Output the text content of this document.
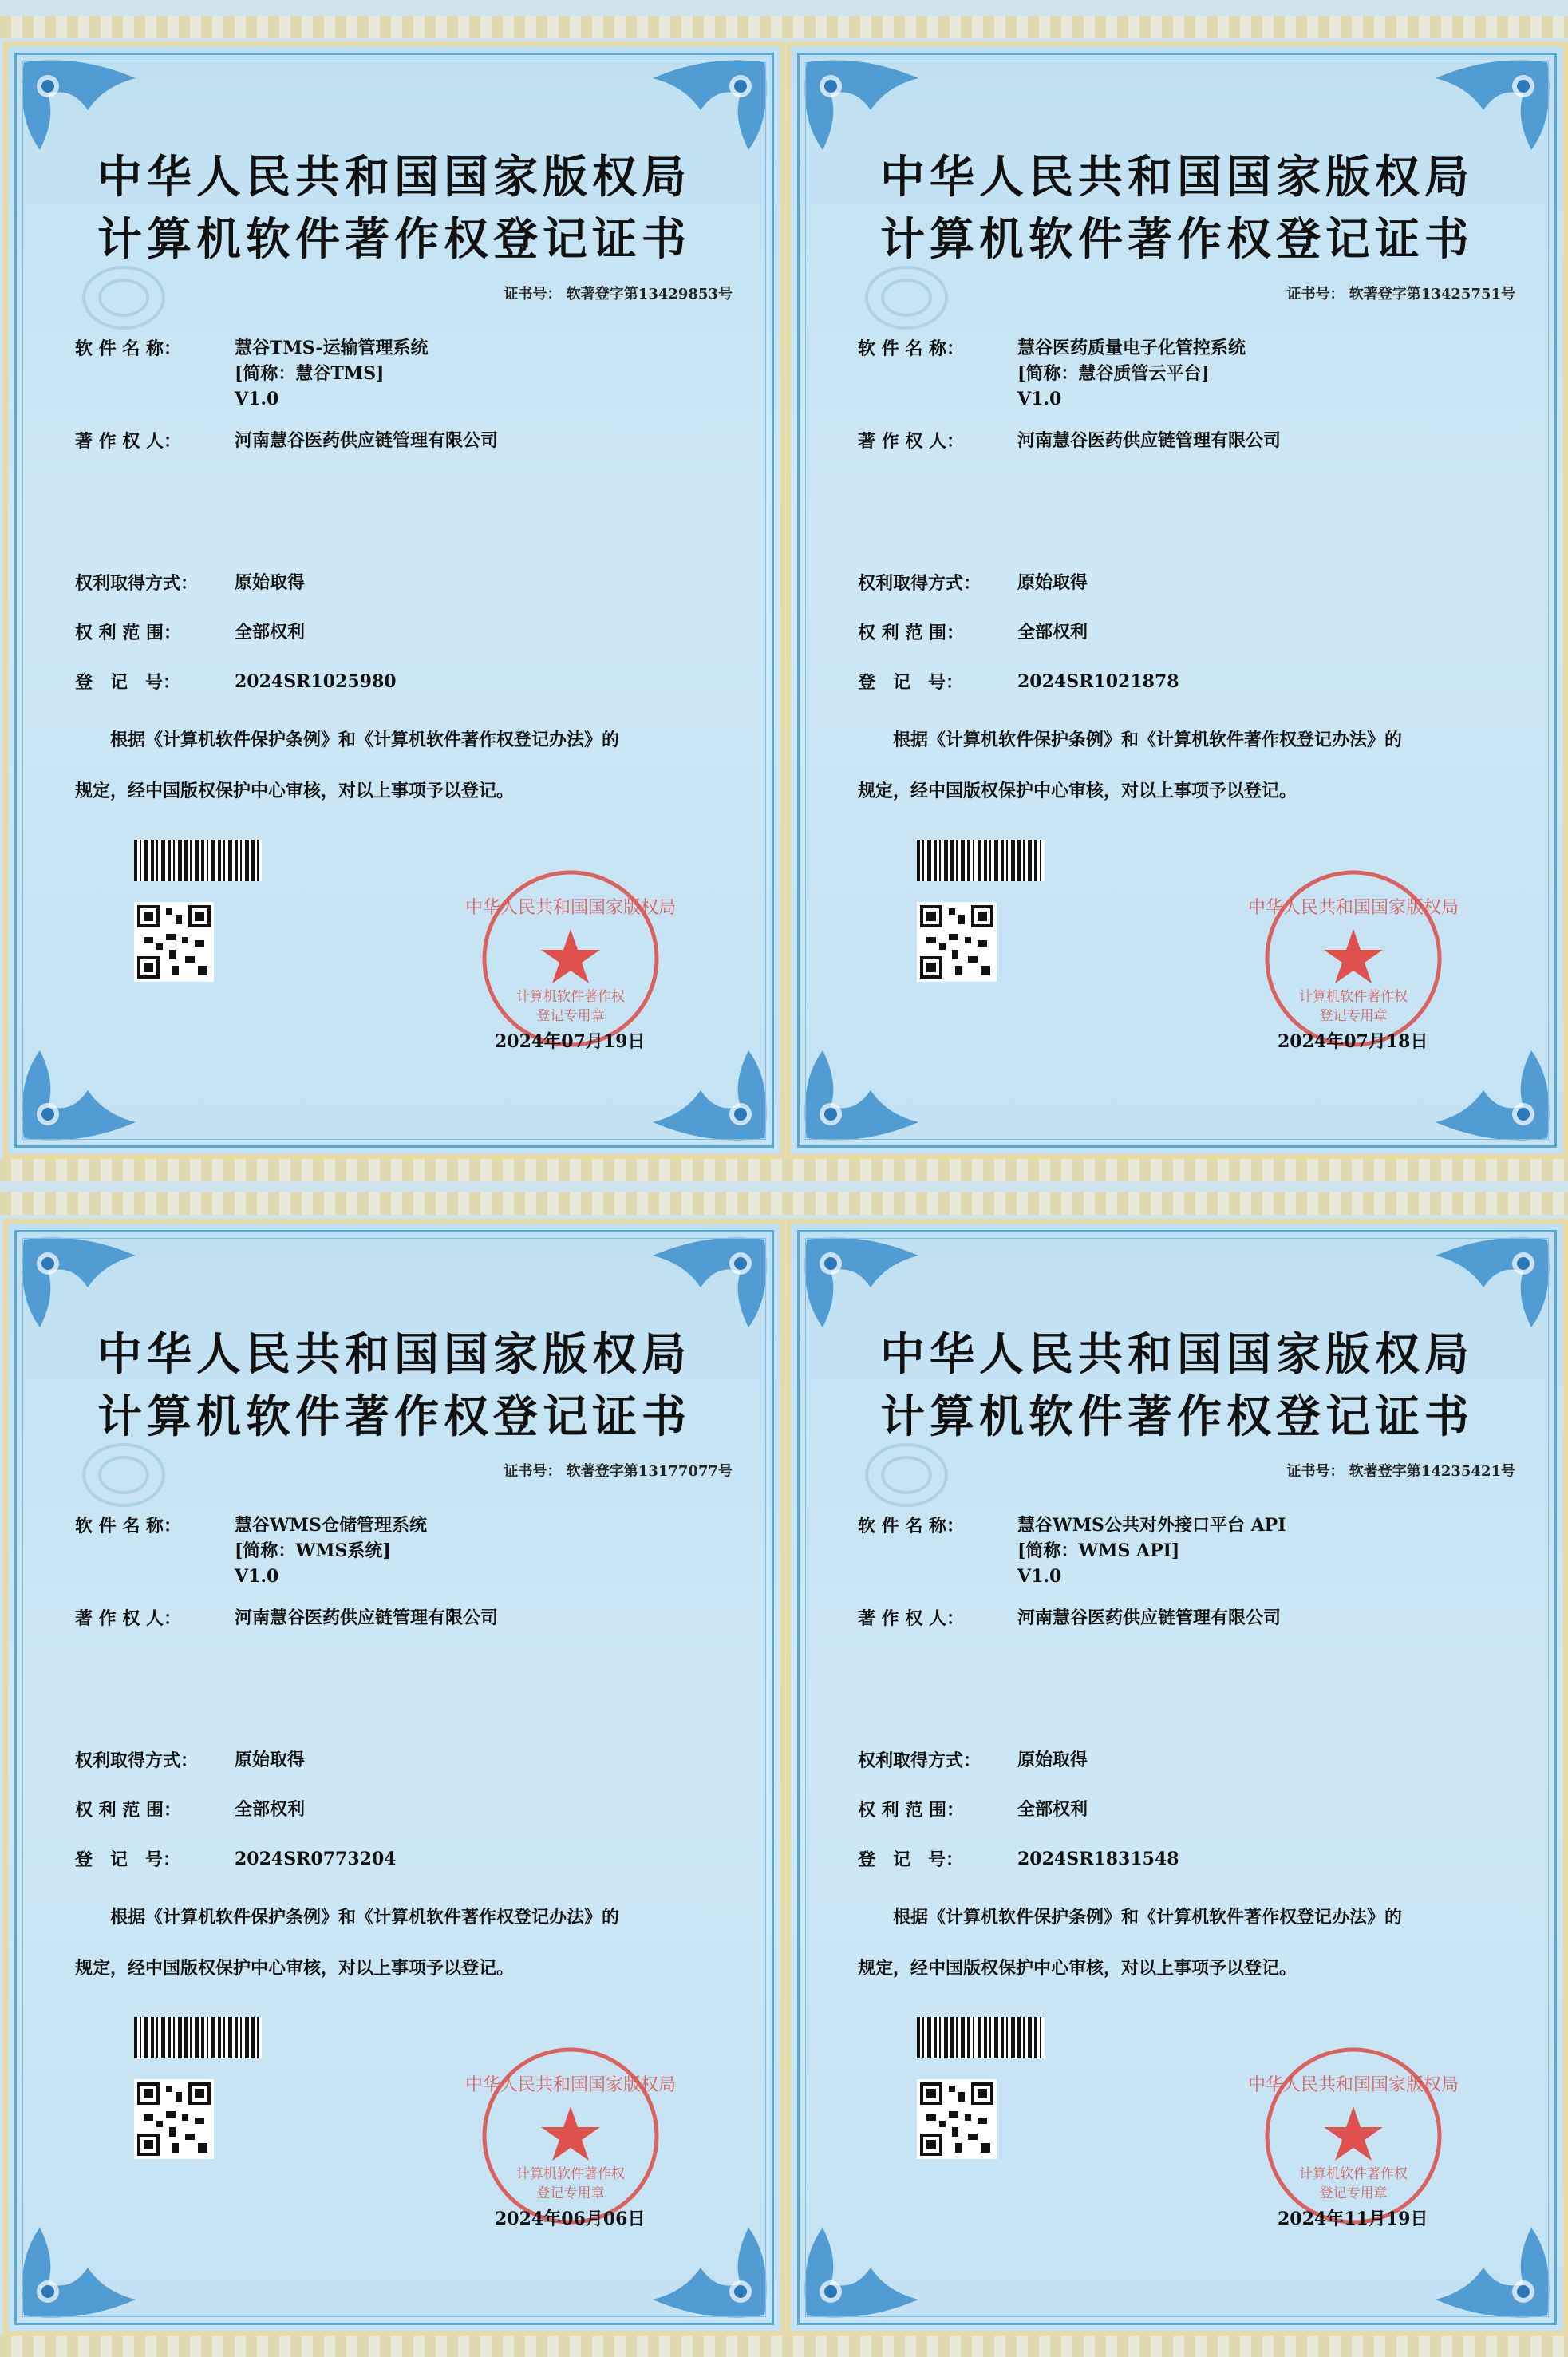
中华人民共和国国家版权局
计算机软件著作权登记证书
证书号： 软著登字第13429853号
软 件 名 称：	慧谷TMS-运输管理系统
[简称：慧谷TMS]
V1.0
著 作 权 人：	河南慧谷医药供应链管理有限公司
权利取得方式： 原始取得
权 利 范 围：	全部权利
登　记　号：	2024SR1025980
根据《计算机软件保护条例》和《计算机软件著作权登记办法》的
规定，经中国版权保护中心审核，对以上事项予以登记。
计算机软件著作权
登记专用章
中华人民共和国国家版权局
2024年07月19日
中华人民共和国国家版权局
计算机软件著作权登记证书
证书号： 软著登字第13425751号
软 件 名 称：	慧谷医药质量电子化管控系统
[简称：慧谷质管云平台]
V1.0
著 作 权 人：	河南慧谷医药供应链管理有限公司
权利取得方式： 原始取得
权 利 范 围：	全部权利
登　记　号：	2024SR1021878
根据《计算机软件保护条例》和《计算机软件著作权登记办法》的
规定，经中国版权保护中心审核，对以上事项予以登记。
计算机软件著作权
登记专用章
中华人民共和国国家版权局
2024年07月18日
中华人民共和国国家版权局
计算机软件著作权登记证书
证书号： 软著登字第13177077号
软 件 名 称：	慧谷WMS仓储管理系统
[简称：WMS系统]
V1.0
著 作 权 人：	河南慧谷医药供应链管理有限公司
权利取得方式： 原始取得
权 利 范 围：	全部权利
登　记　号：	2024SR0773204
根据《计算机软件保护条例》和《计算机软件著作权登记办法》的
规定，经中国版权保护中心审核，对以上事项予以登记。
计算机软件著作权
登记专用章
中华人民共和国国家版权局
2024年06月06日
中华人民共和国国家版权局
计算机软件著作权登记证书
证书号： 软著登字第14235421号
软 件 名 称：	慧谷WMS公共对外接口平台 API
[简称：WMS API]
V1.0
著 作 权 人：	河南慧谷医药供应链管理有限公司
权利取得方式： 原始取得
权 利 范 围：	全部权利
登　记　号：	2024SR1831548
根据《计算机软件保护条例》和《计算机软件著作权登记办法》的
规定，经中国版权保护中心审核，对以上事项予以登记。
计算机软件著作权
登记专用章
中华人民共和国国家版权局
2024年11月19日
